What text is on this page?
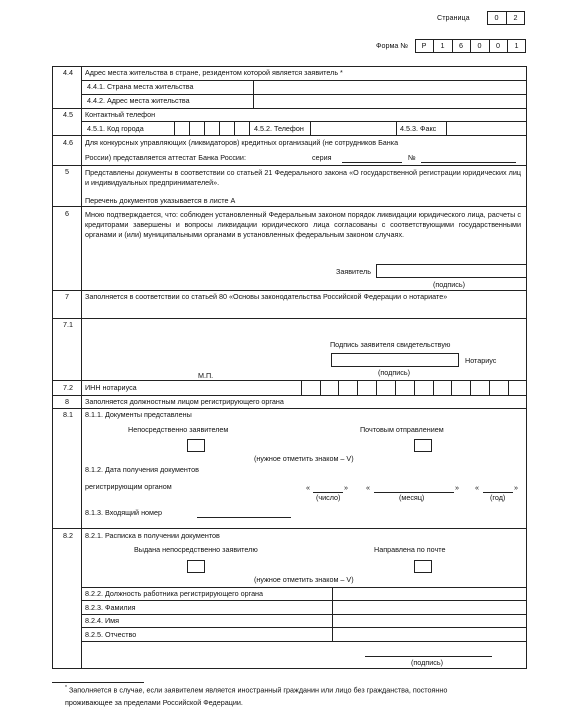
Страница	0	2
Форма №	Р	1	6	0	0	1
4.4 Адрес места жительства в стране, резидентом которой является заявитель *
4.4.1. Страна места жительства
4.4.2. Адрес места жительства
4.5 Контактный телефон
4.5.1. Код города	4.5.2. Телефон	4.5.3. Факс
4.6 Для конкурсных управляющих (ликвидаторов) кредитных организаций (не сотрудников Банка
России) представляется аттестат Банка России:	серия	№
5 Представлены документы в соответствии со статьей 21 Федерального закона «О государственной регистрации юридических лиц и индивидуальных предпринимателей».
Перечень документов указывается в листе А
6 Мною подтверждается, что: соблюден установленный Федеральным законом порядок ликвидации юридического лица, расчеты с кредиторами завершены и вопросы ликвидации юридического лица согласованы с соответствующими государственными органами и (или) муниципальными органами в установленных федеральным законом случаях.
Заявитель
(подпись)
7 Заполняется в соответствии со статьей 80 «Основы законодательства Российской Федерации о нотариате»
7.1
Подпись заявителя свидетельствую
Нотариус
(подпись)
М.П.
7.2 ИНН нотариуса
8 Заполняется должностным лицом регистрирующего органа
8.1 8.1.1. Документы представлены
Непосредственно заявителем	Почтовым отправлением
(нужное отметить знаком – V)
8.1.2. Дата получения документов
регистрирующим органом	«	»	«	» «	»
(число)	(месяц)	(год)
8.1.3. Входящий номер
8.2 8.2.1. Расписка в получении документов
Выдана непосредственно заявителю	Направлена по почте
(нужное отметить знаком – V)
8.2.2. Должность работника регистрирующего органа
8.2.3. Фамилия
8.2.4. Имя
8.2.5. Отчество
(подпись)
* Заполняется в случае, если заявителем является иностранный гражданин или лицо без гражданства, постоянно
проживающее за пределами Российской Федерации.
